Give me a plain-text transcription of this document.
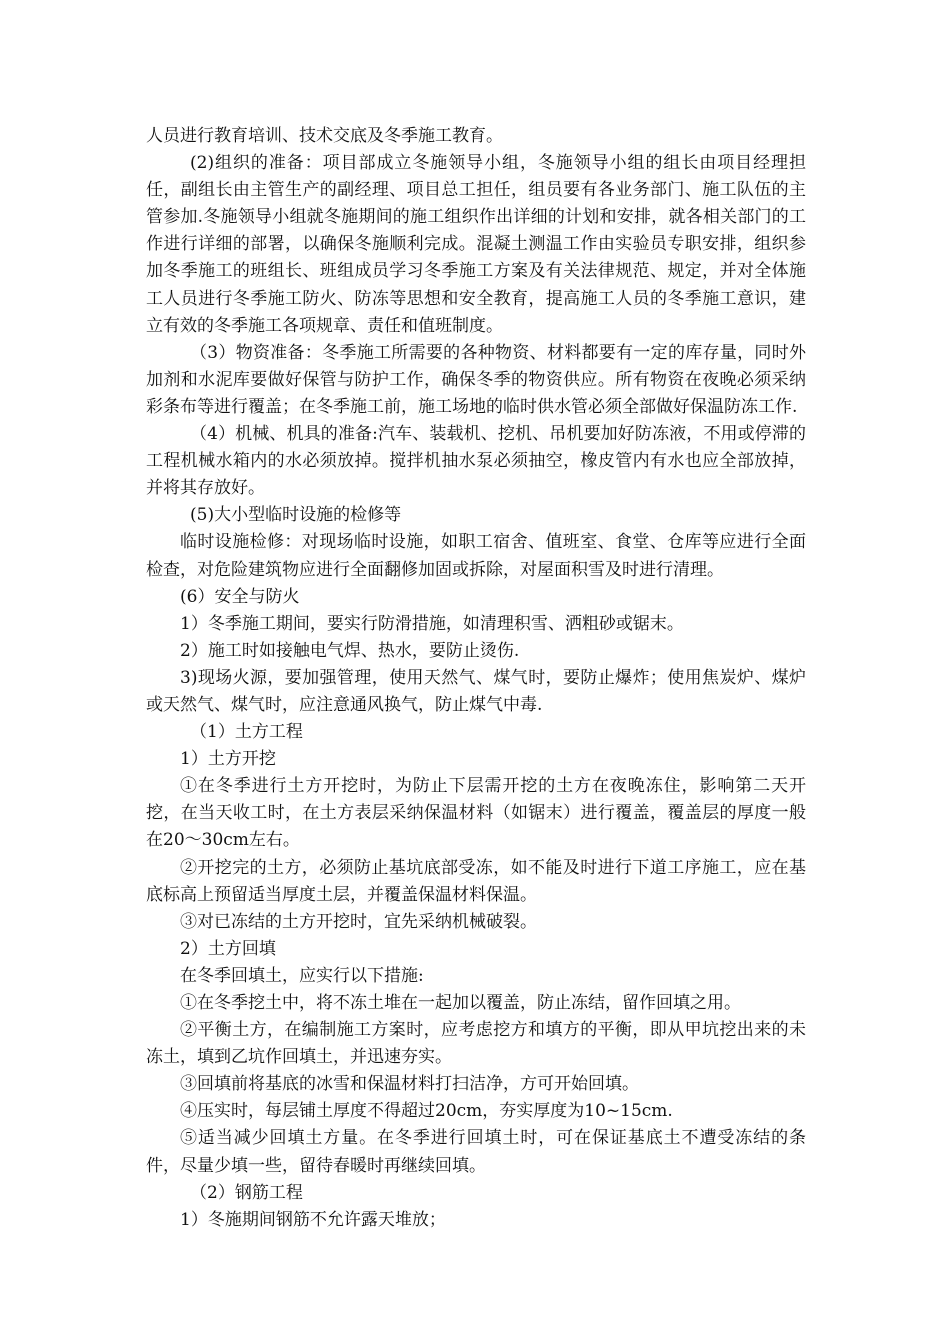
人员进行教育培训、技术交底及冬季施工教育。

(2)组织的准备：项目部成立冬施领导小组，冬施领导小组的组长由项目经理担任，副组长由主管生产的副经理、项目总工担任，组员要有各业务部门、施工队伍的主管参加.冬施领导小组就冬施期间的施工组织作出详细的计划和安排，就各相关部门的工作进行详细的部署，以确保冬施顺利完成。混凝土测温工作由实验员专职安排，组织参加冬季施工的班组长、班组成员学习冬季施工方案及有关法律规范、规定，并对全体施工人员进行冬季施工防火、防冻等思想和安全教育，提高施工人员的冬季施工意识，建立有效的冬季施工各项规章、责任和值班制度。

（3）物资准备：冬季施工所需要的各种物资、材料都要有一定的库存量，同时外加剂和水泥库要做好保管与防护工作，确保冬季的物资供应。所有物资在夜晚必须采纳彩条布等进行覆盖；在冬季施工前，施工场地的临时供水管必须全部做好保温防冻工作.

（4）机械、机具的准备:汽车、装载机、挖机、吊机要加好防冻液，不用或停滞的工程机械水箱内的水必须放掉。搅拌机抽水泵必须抽空，橡皮管内有水也应全部放掉，并将其存放好。

(5)大小型临时设施的检修等

临时设施检修：对现场临时设施，如职工宿舍、值班室、食堂、仓库等应进行全面检查，对危险建筑物应进行全面翻修加固或拆除，对屋面积雪及时进行清理。

(6）安全与防火

1）冬季施工期间，要实行防滑措施，如清理积雪、洒粗砂或锯末。

2）施工时如接触电气焊、热水，要防止烫伤.

3)现场火源，要加强管理，使用天然气、煤气时，要防止爆炸；使用焦炭炉、煤炉或天然气、煤气时，应注意通风换气，防止煤气中毒.

（1）土方工程

1）土方开挖

①在冬季进行土方开挖时，为防止下层需开挖的土方在夜晚冻住，影响第二天开挖，在当天收工时，在土方表层采纳保温材料（如锯末）进行覆盖，覆盖层的厚度一般在20～30cm左右。

②开挖完的土方，必须防止基坑底部受冻，如不能及时进行下道工序施工，应在基底标高上预留适当厚度土层，并覆盖保温材料保温。

③对已冻结的土方开挖时，宜先采纳机械破裂。

2）土方回填

在冬季回填土，应实行以下措施:

①在冬季挖土中，将不冻土堆在一起加以覆盖，防止冻结，留作回填之用。

②平衡土方，在编制施工方案时，应考虑挖方和填方的平衡，即从甲坑挖出来的未冻土，填到乙坑作回填土，并迅速夯实。

③回填前将基底的冰雪和保温材料打扫洁净，方可开始回填。

④压实时，每层铺土厚度不得超过20cm，夯实厚度为10~15cm.

⑤适当减少回填土方量。在冬季进行回填土时，可在保证基底土不遭受冻结的条件，尽量少填一些，留待春暖时再继续回填。

（2）钢筋工程

1）冬施期间钢筋不允许露天堆放；
